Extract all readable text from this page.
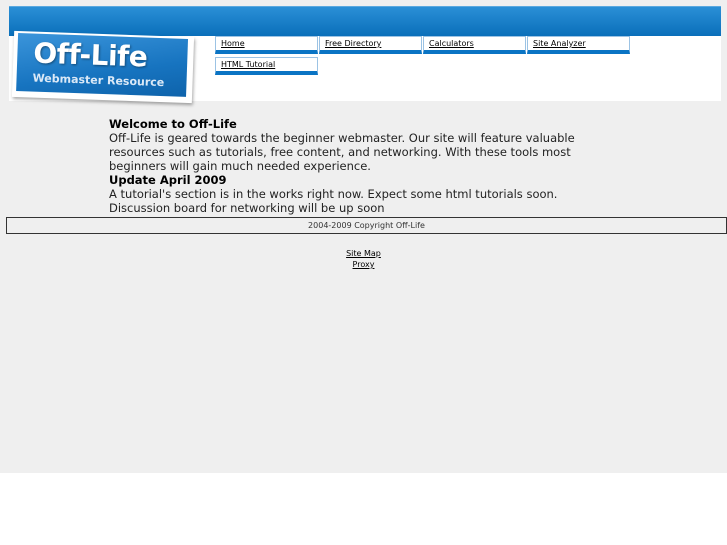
Off-Life
Webmaster Resource
Home	Free Directory	Calculators	Site Analyzer
HTML Tutorial
Welcome to Off-Life
Off-Life is geared towards the beginner webmaster. Our site will feature valuable resources such as tutorials, free content, and networking. With these tools most beginners will gain much needed experience.
Update April 2009
A tutorial's section is in the works right now. Expect some html tutorials soon.
Discussion board for networking will be up soon
2004-2009 Copyright Off-Life
Site Map
Proxy
